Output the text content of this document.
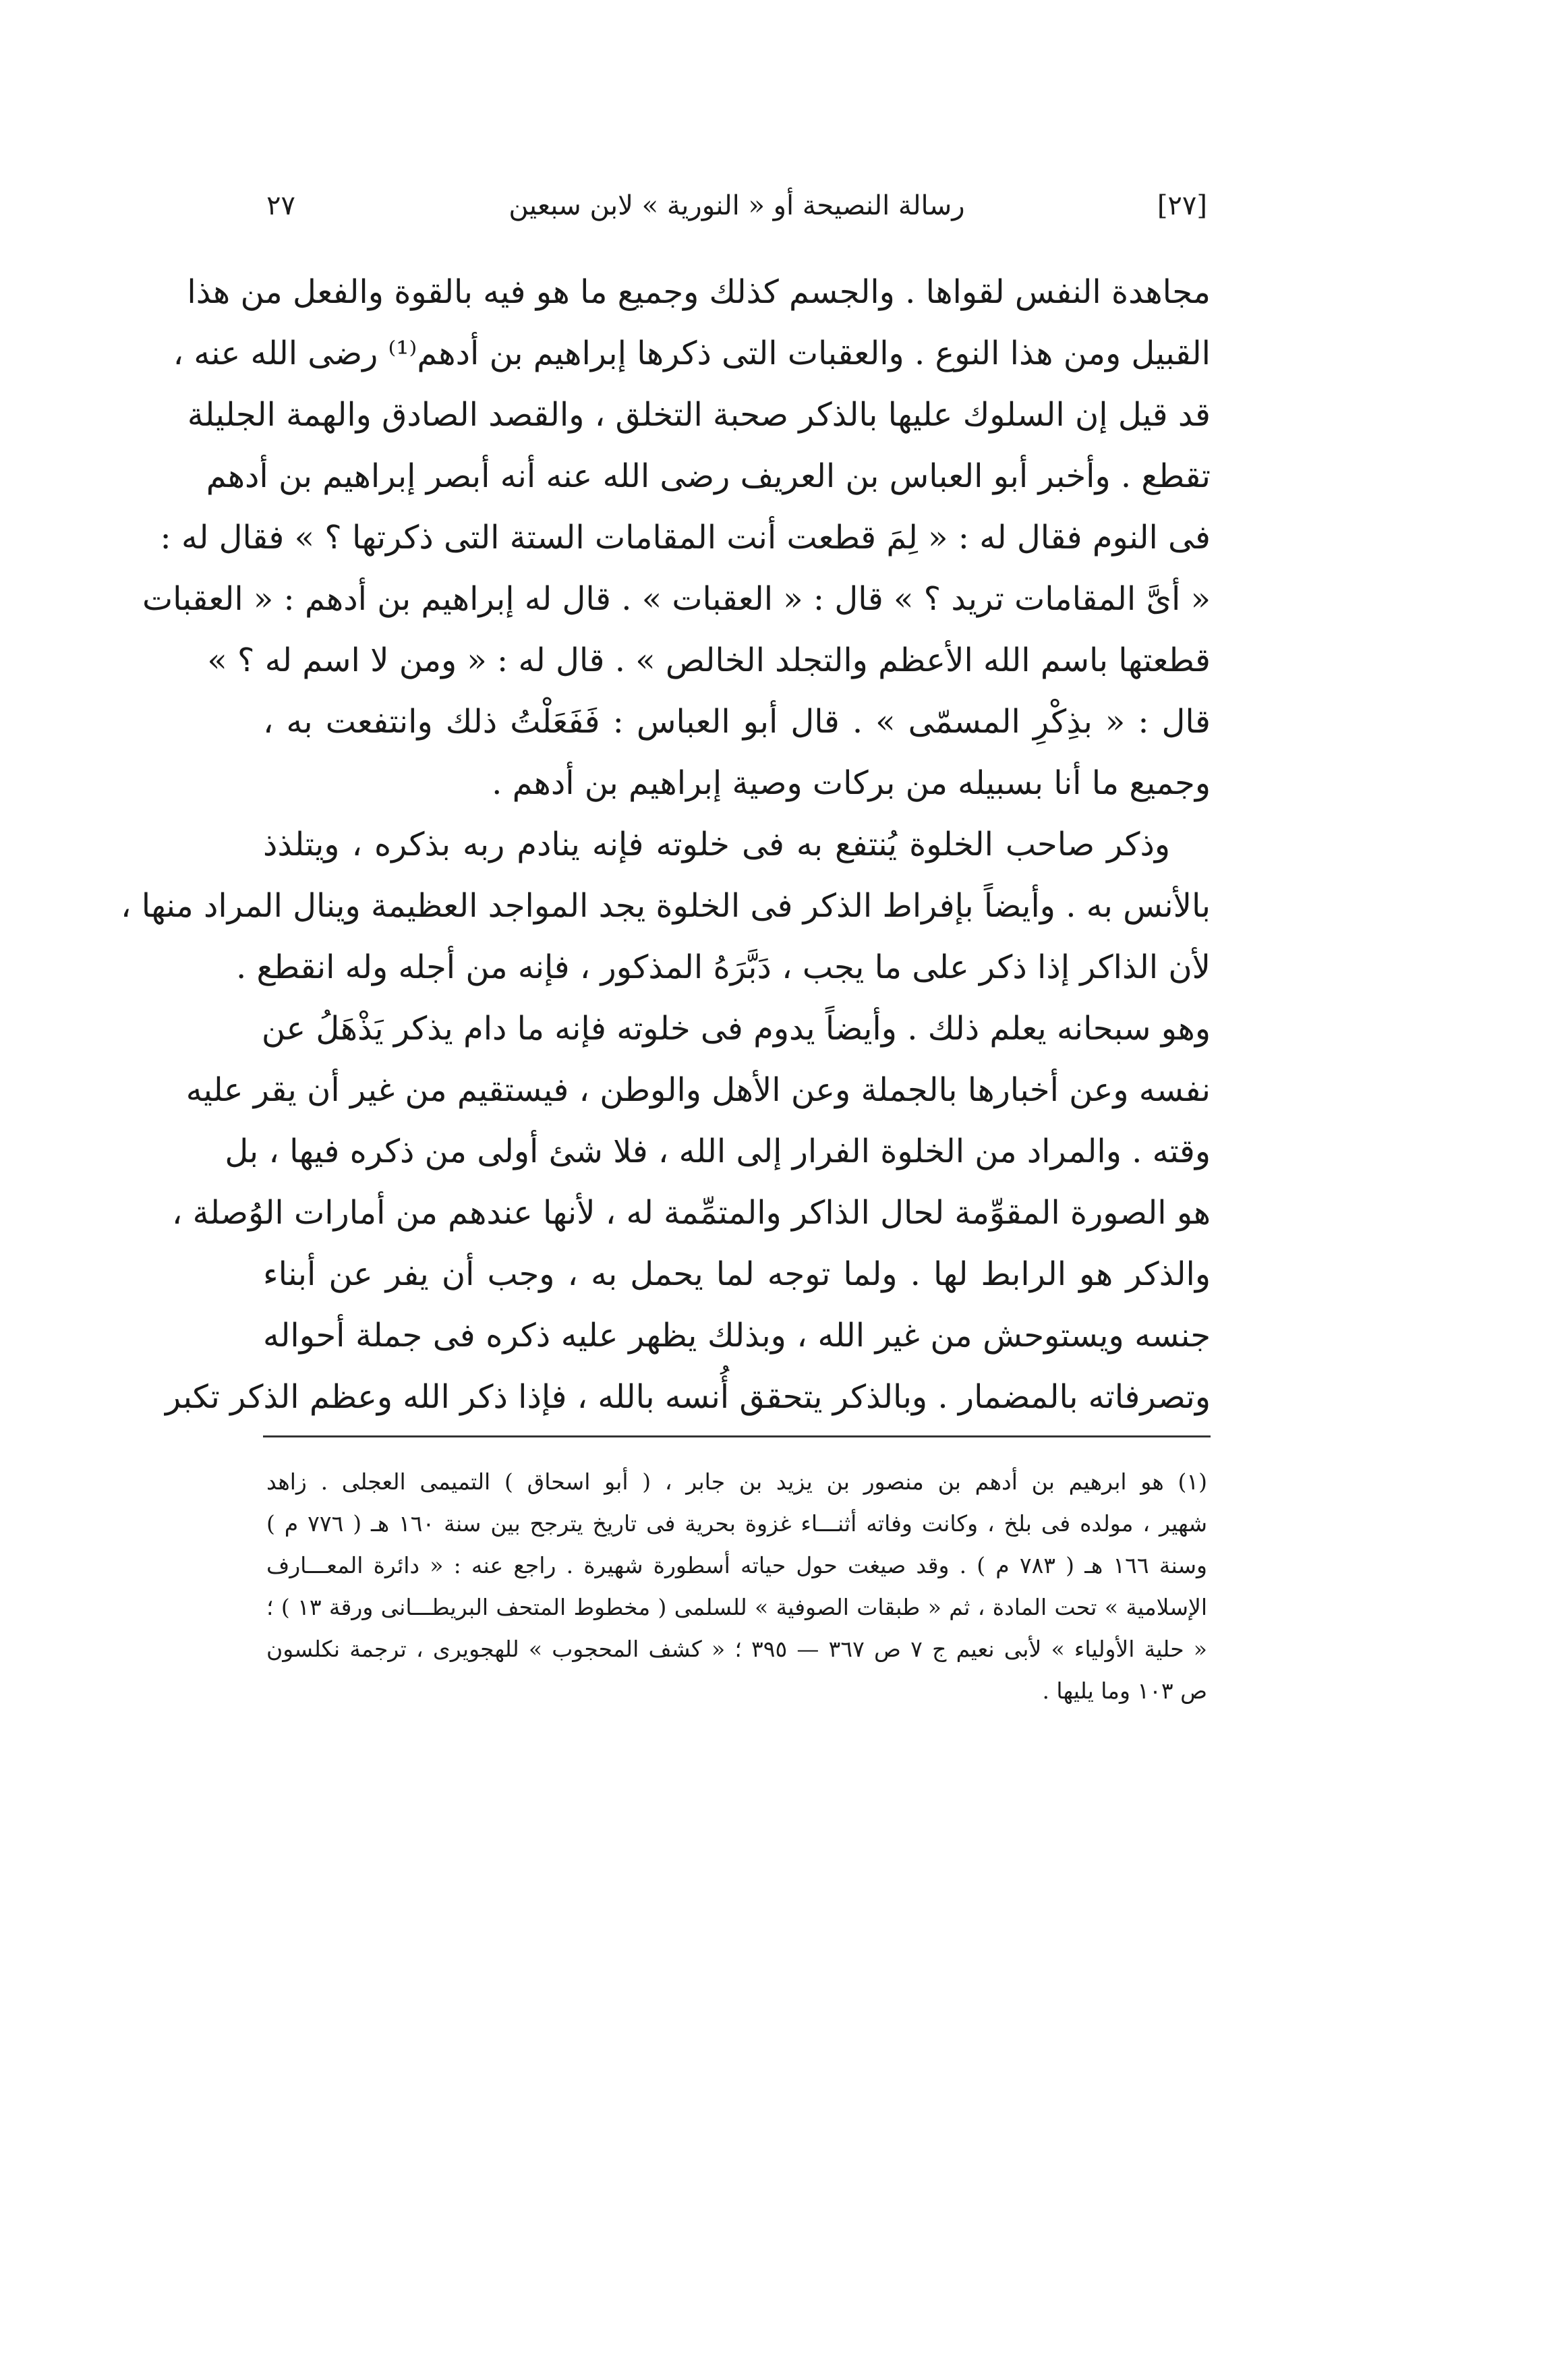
[٢٧]
رسالة النصيحة أو « النورية » لابن سبعين
٢٧
مجاهدة النفس لقواها . والجسم كذلك وجميع ما هو فيه بالقوة والفعل من هذا
القبيل ومن هذا النوع . والعقبات التى ذكرها إبراهيم بن أدهم⁽¹⁾ رضى الله عنه ،
قد قيل إن السلوك عليها بالذكر صحبة التخلق ، والقصد الصادق والهمة الجليلة
تقطع . وأخبر أبو العباس بن العريف رضى الله عنه أنه أبصر إبراهيم بن أدهم
فى النوم فقال له : « لِمَ قطعت أنت المقامات الستة التى ذكرتها ؟ » فقال له :
« أىَّ المقامات تريد ؟ » قال : « العقبات » . قال له إبراهيم بن أدهم : « العقبات
قطعتها باسم الله الأعظم والتجلد الخالص » . قال له : « ومن لا اسم له ؟ »
قال : « بذِكْرِ المسمّى » . قال أبو العباس : فَفَعَلْتُ ذلك وانتفعت به ،
وجميع ما أنا بسبيله من بركات وصية إبراهيم بن أدهم .
وذكر صاحب الخلوة يُنتفع به فى خلوته فإنه ينادم ربه بذكره ، ويتلذذ
بالأنس به . وأيضاً بإفراط الذكر فى الخلوة يجد المواجد العظيمة وينال المراد منها ،
لأن الذاكر إذا ذكر على ما يجب ، دَبَّرَهُ المذكور ، فإنه من أجله وله انقطع .
وهو سبحانه يعلم ذلك . وأيضاً يدوم فى خلوته فإنه ما دام يذكر يَذْهَلُ عن
نفسه وعن أخبارها بالجملة وعن الأهل والوطن ، فيستقيم من غير أن يقر عليه
وقته . والمراد من الخلوة الفرار إلى الله ، فلا شئ أولى من ذكره فيها ، بل
هو الصورة المقوِّمة لحال الذاكر والمتمِّمة له ، لأنها عندهم من أمارات الوُصلة ،
والذكر هو الرابط لها . ولما توجه لما يحمل به ، وجب أن يفر عن أبناء
جنسه ويستوحش من غير الله ، وبذلك يظهر عليه ذكره فى جملة أحواله
وتصرفاته بالمضمار . وبالذكر يتحقق أُنسه بالله ، فإذا ذكر الله وعظم الذكر تكبر
(١) هو ابرهيم بن أدهم بن منصور بن يزيد بن جابر ، ( أبو اسحاق ) التميمى العجلى . زاهد
شهير ، مولده فى بلخ ، وكانت وفاته أثنـــاء غزوة بحرية فى تاريخ يترجح بين سنة ١٦٠ هـ ( ٧٧٦ م )
وسنة ١٦٦ هـ ( ٧٨٣ م ) . وقد صيغت حول حياته أسطورة شهيرة . راجع عنه : « دائرة المعـــارف
الإسلامية » تحت المادة ، ثم « طبقات الصوفية » للسلمى ( مخطوط المتحف البريطـــانى ورقة ١٣ ) ؛
« حلية الأولياء » لأبى نعيم ج ٧ ص ٣٦٧ — ٣٩٥ ؛ « كشف المحجوب » للهجويرى ، ترجمة نكلسون
ص ١٠٣ وما يليها .
